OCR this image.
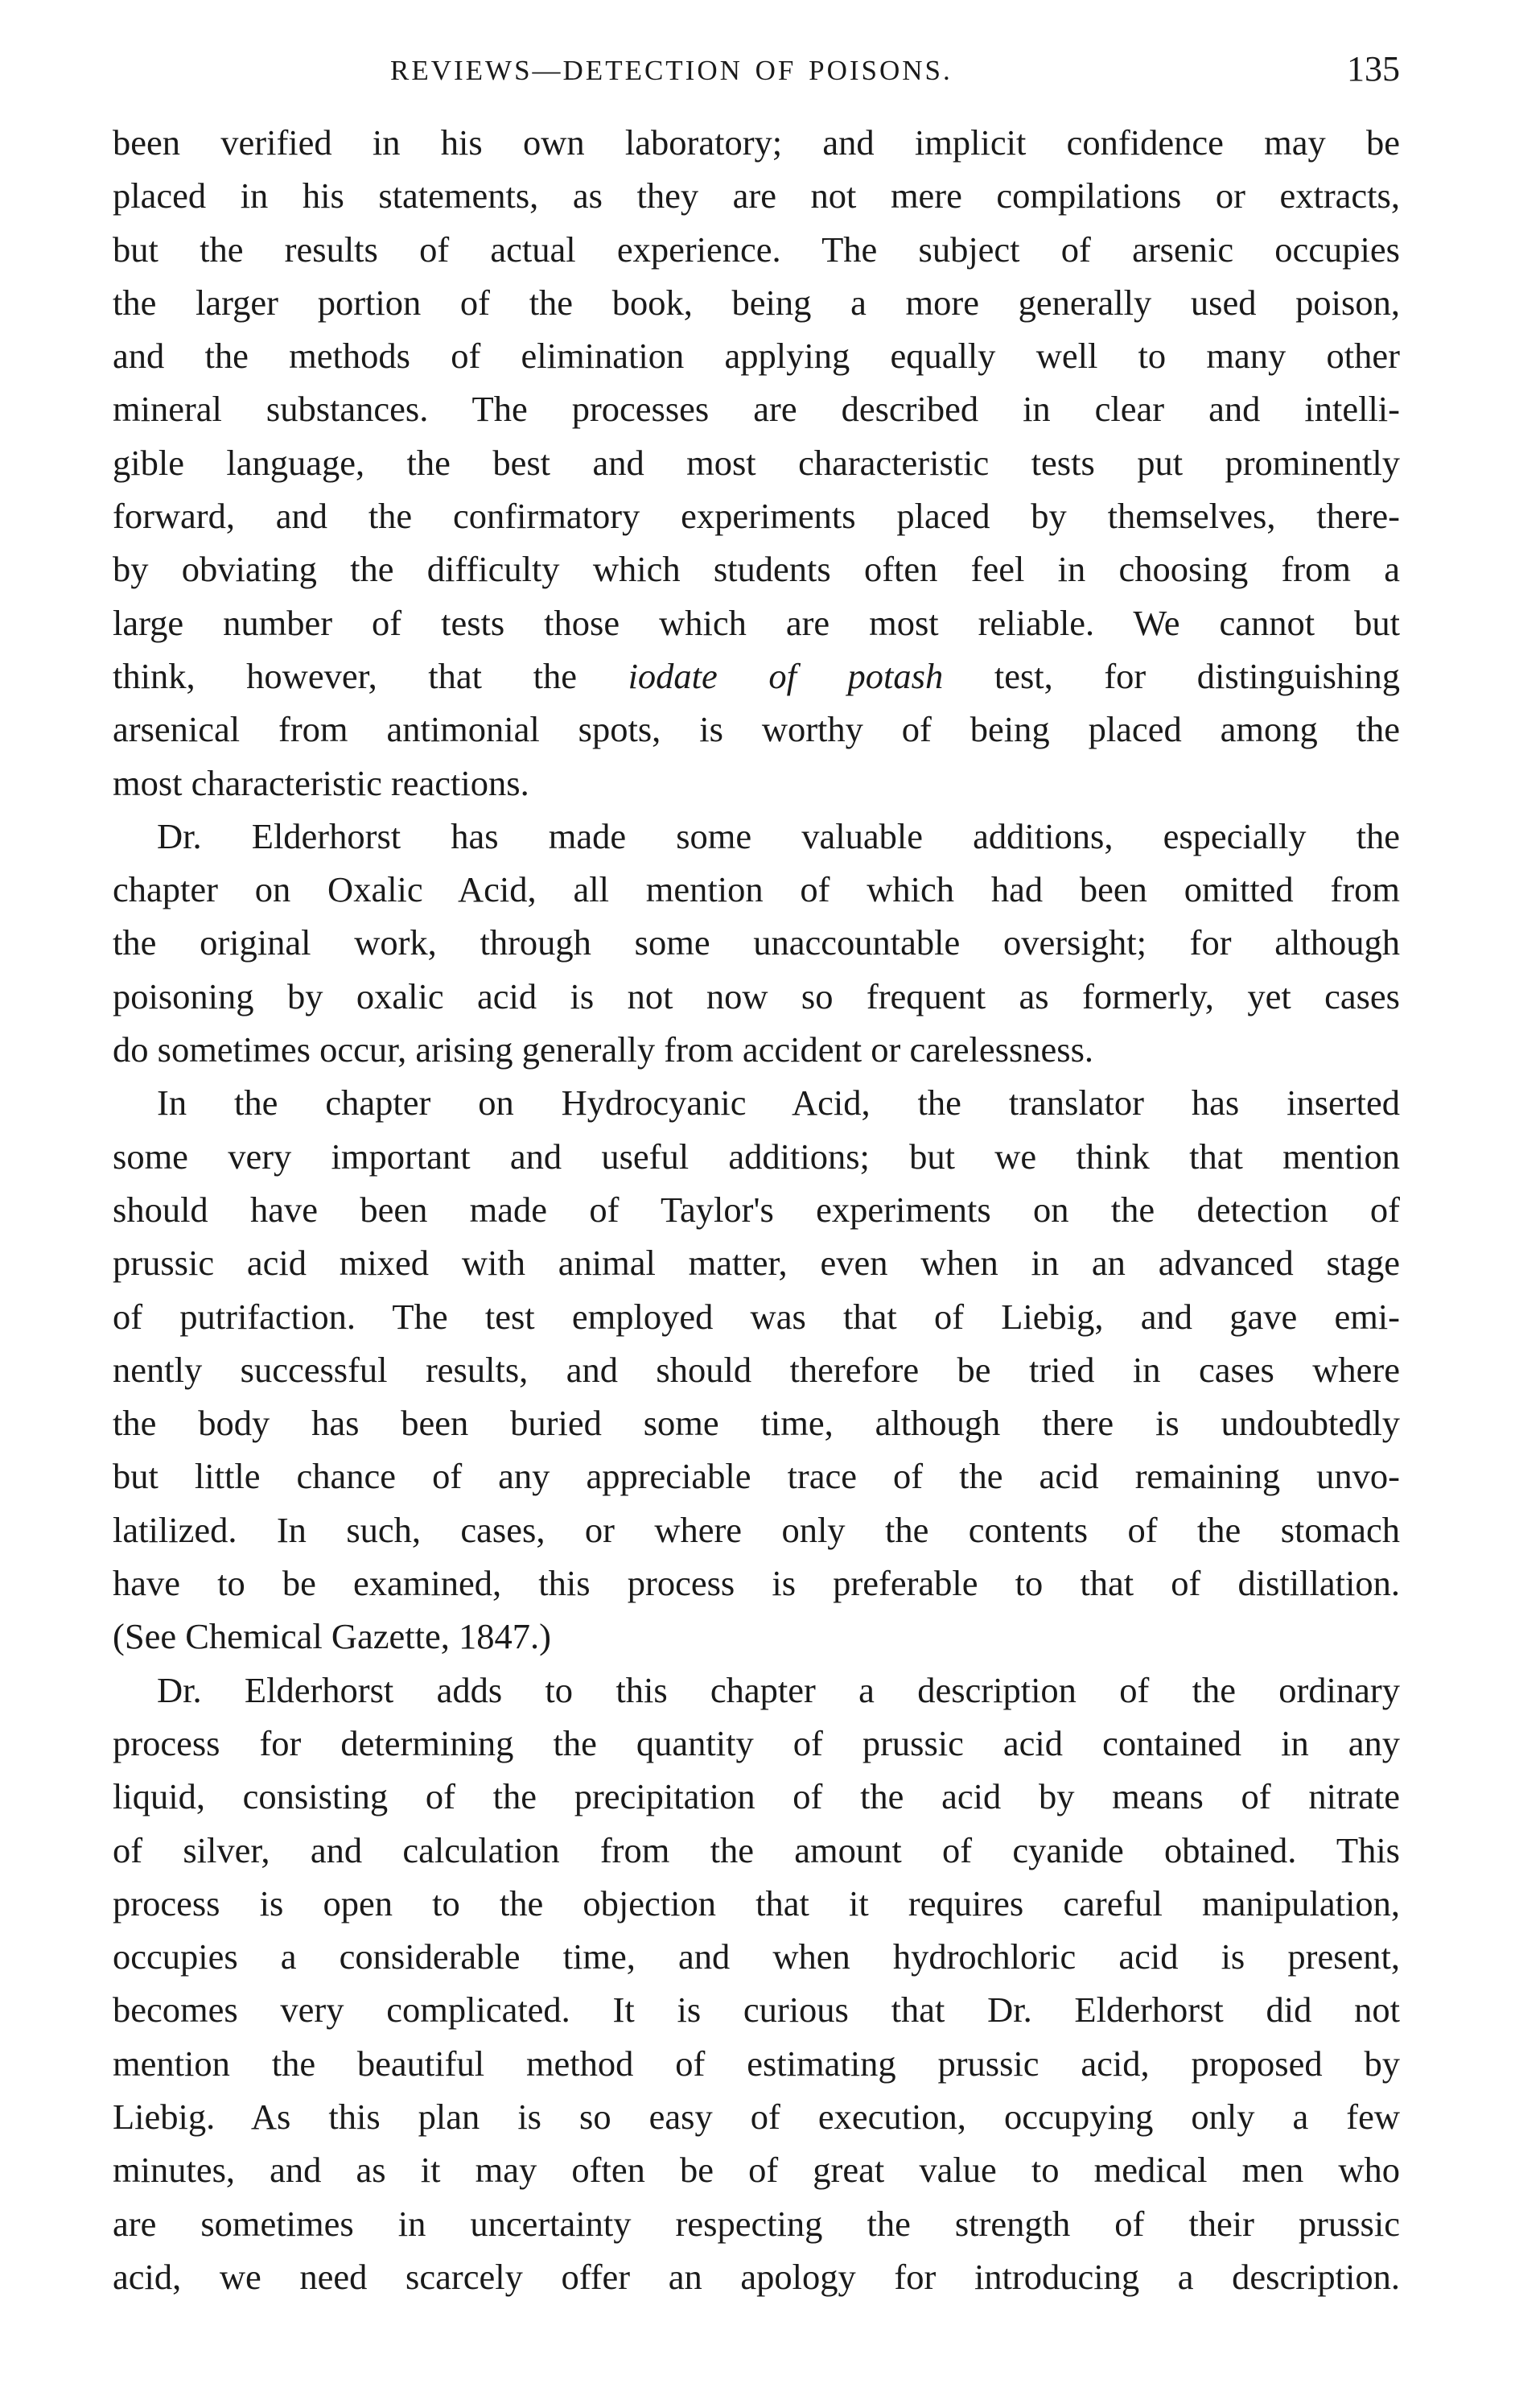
REVIEWS—DETECTION OF POISONS.	135

been verified in his own laboratory; and implicit confidence may be
placed in his statements, as they are not mere compilations or extracts,
but the results of actual experience. The subject of arsenic occupies
the larger portion of the book, being a more generally used poison,
and the methods of elimination applying equally well to many other
mineral substances. The processes are described in clear and intelli-
gible language, the best and most characteristic tests put prominently
forward, and the confirmatory experiments placed by themselves, there-
by obviating the difficulty which students often feel in choosing from a
large number of tests those which are most reliable. We cannot but
think, however, that the iodate of potash test, for distinguishing
arsenical from antimonial spots, is worthy of being placed among the
most characteristic reactions.

Dr. Elderhorst has made some valuable additions, especially the
chapter on Oxalic Acid, all mention of which had been omitted from
the original work, through some unaccountable oversight; for although
poisoning by oxalic acid is not now so frequent as formerly, yet cases
do sometimes occur, arising generally from accident or carelessness.

In the chapter on Hydrocyanic Acid, the translator has inserted
some very important and useful additions; but we think that mention
should have been made of Taylor's experiments on the detection of
prussic acid mixed with animal matter, even when in an advanced stage
of putrifaction. The test employed was that of Liebig, and gave emi-
nently successful results, and should therefore be tried in cases where
the body has been buried some time, although there is undoubtedly
but little chance of any appreciable trace of the acid remaining unvo-
latilized. In such, cases, or where only the contents of the stomach
have to be examined, this process is preferable to that of distillation.
(See Chemical Gazette, 1847.)

Dr. Elderhorst adds to this chapter a description of the ordinary
process for determining the quantity of prussic acid contained in any
liquid, consisting of the precipitation of the acid by means of nitrate
of silver, and calculation from the amount of cyanide obtained. This
process is open to the objection that it requires careful manipulation,
occupies a considerable time, and when hydrochloric acid is present,
becomes very complicated. It is curious that Dr. Elderhorst did not
mention the beautiful method of estimating prussic acid, proposed by
Liebig. As this plan is so easy of execution, occupying only a few
minutes, and as it may often be of great value to medical men who
are sometimes in uncertainty respecting the strength of their prussic
acid, we need scarcely offer an apology for introducing a description.
